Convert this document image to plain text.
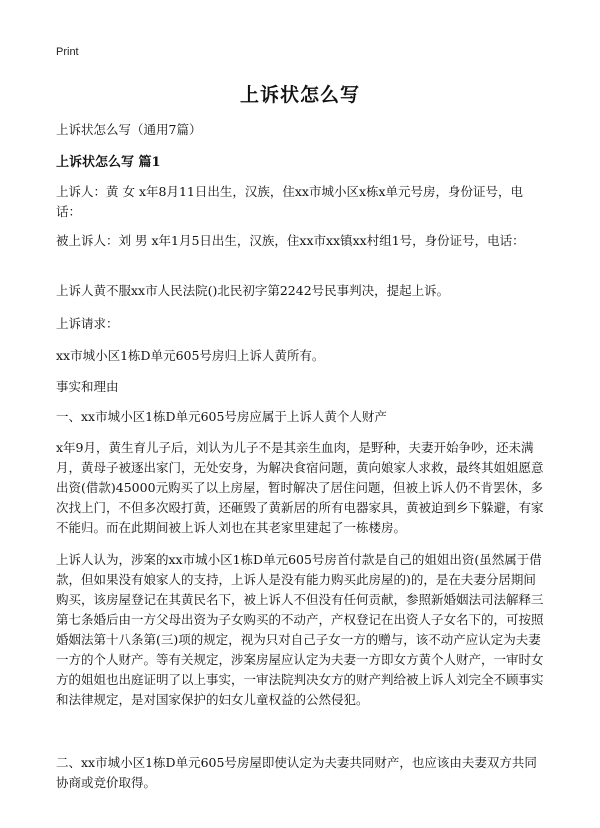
Print
上诉状怎么写

上诉状怎么写（通用7篇）

上诉状怎么写 篇1

上诉人：黄 女 x年8月11日出生，汉族，住xx市城小区x栋x单元号房，身份证号，电话：

被上诉人：刘 男 x年1月5日出生，汉族，住xx市xx镇xx村组1号，身份证号，电话：

上诉人黄不服xx市人民法院()北民初字第2242号民事判决，提起上诉。

上诉请求：

xx市城小区1栋D单元605号房归上诉人黄所有。

事实和理由

一、xx市城小区1栋D单元605号房应属于上诉人黄个人财产

x年9月，黄生育儿子后，刘认为儿子不是其亲生血肉，是野种，夫妻开始争吵，还未满月，黄母子被逐出家门，无处安身，为解决食宿问题，黄向娘家人求救，最终其姐姐愿意出资(借款)45000元购买了以上房屋，暂时解决了居住问题，但被上诉人仍不肯罢休，多次找上门，不但多次殴打黄，还砸毁了黄新居的所有电器家具，黄被迫到乡下躲避，有家不能归。而在此期间被上诉人刘也在其老家里建起了一栋楼房。

上诉人认为，涉案的xx市城小区1栋D单元605号房首付款是自己的姐姐出资(虽然属于借款，但如果没有娘家人的支持，上诉人是没有能力购买此房屋的)的，是在夫妻分居期间购买，该房屋登记在其黄民名下，被上诉人不但没有任何贡献，参照新婚姻法司法解释三 第七条婚后由一方父母出资为子女购买的不动产，产权登记在出资人子女名下的，可按照婚姻法第十八条第(三)项的规定，视为只对自己子女一方的赠与，该不动产应认定为夫妻一方的个人财产。等有关规定，涉案房屋应认定为夫妻一方即女方黄个人财产，一审时女方的姐姐也出庭证明了以上事实，一审法院判决女方的财产判给被上诉人刘完全不顾事实和法律规定，是对国家保护的妇女儿童权益的公然侵犯。

二、xx市城小区1栋D单元605号房屋即使认定为夫妻共同财产，也应该由夫妻双方共同协商或竞价取得。
